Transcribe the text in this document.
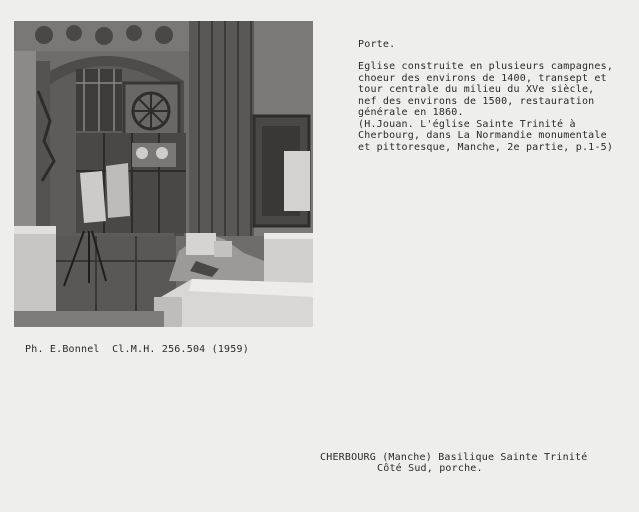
Porte.
Eglise construite en plusieurs campagnes,
choeur des environs de 1400, transept et
tour centrale du milieu du XVe siècle,
nef des environs de 1500, restauration
générale en 1860.
(H.Jouan. L'église Sainte Trinité à
Cherbourg, dans La Normandie monumentale
et pittoresque, Manche, 2e partie, p.1-5)
Ph. E.Bonnel  Cl.M.H. 256.504 (1959)
CHERBOURG (Manche) Basilique Sainte Trinité
Côté Sud, porche.
